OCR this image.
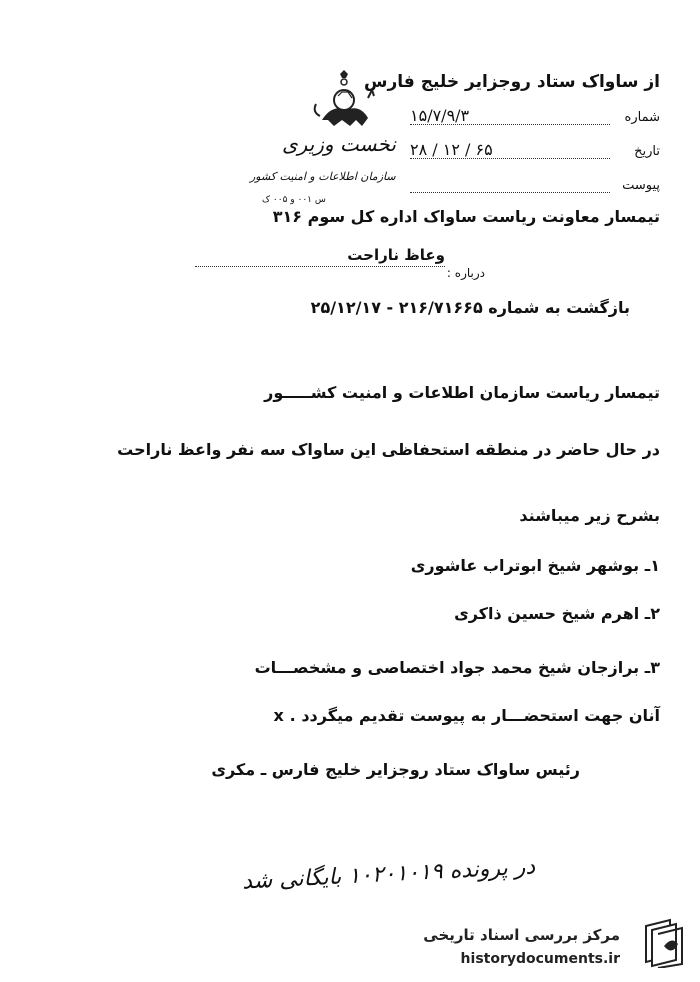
از ساواک ستاد روجزایر خلیج فارس
شماره
۱۵/۷/۹/۳
تاریخ
۲۸ / ۱۲ / ۶۵
پیوست
نخست وزیری
سازمان اطلاعات و امنیت کشور
س ۰۰۱ و ۰۰۵ ک
تیمسار معاونت ریاست ساواک اداره کل سوم ۳۱۶
درباره :
وعاظ ناراحت
بازگشت به شماره ۲۱۶/۷۱۶۶۵ - ۲۵/۱۲/۱۷
تیمسار ریاست سازمان اطلاعات و امنیت کشـــــور
در حال حاضر در منطقه استحفاظی این ساواک سه نفر واعظ ناراحت
بشرح زیر میباشند
۱ـ بوشهر شیخ ابوتراب عاشوری
۲ـ اهرم شیخ حسین ذاکری
۳ـ برازجان شیخ محمد جواد اختصاصی و مشخصـــات
آنان جهت استحضـــار به پیوست تقدیم میگردد . x
رئیس ساواک ستاد روجزایر خلیج فارس ـ مکری
در پرونده ۱۰۲۰۱۰۱۹ بایگانی شد
مرکز بررسی اسناد تاریخی
historydocuments.ir
